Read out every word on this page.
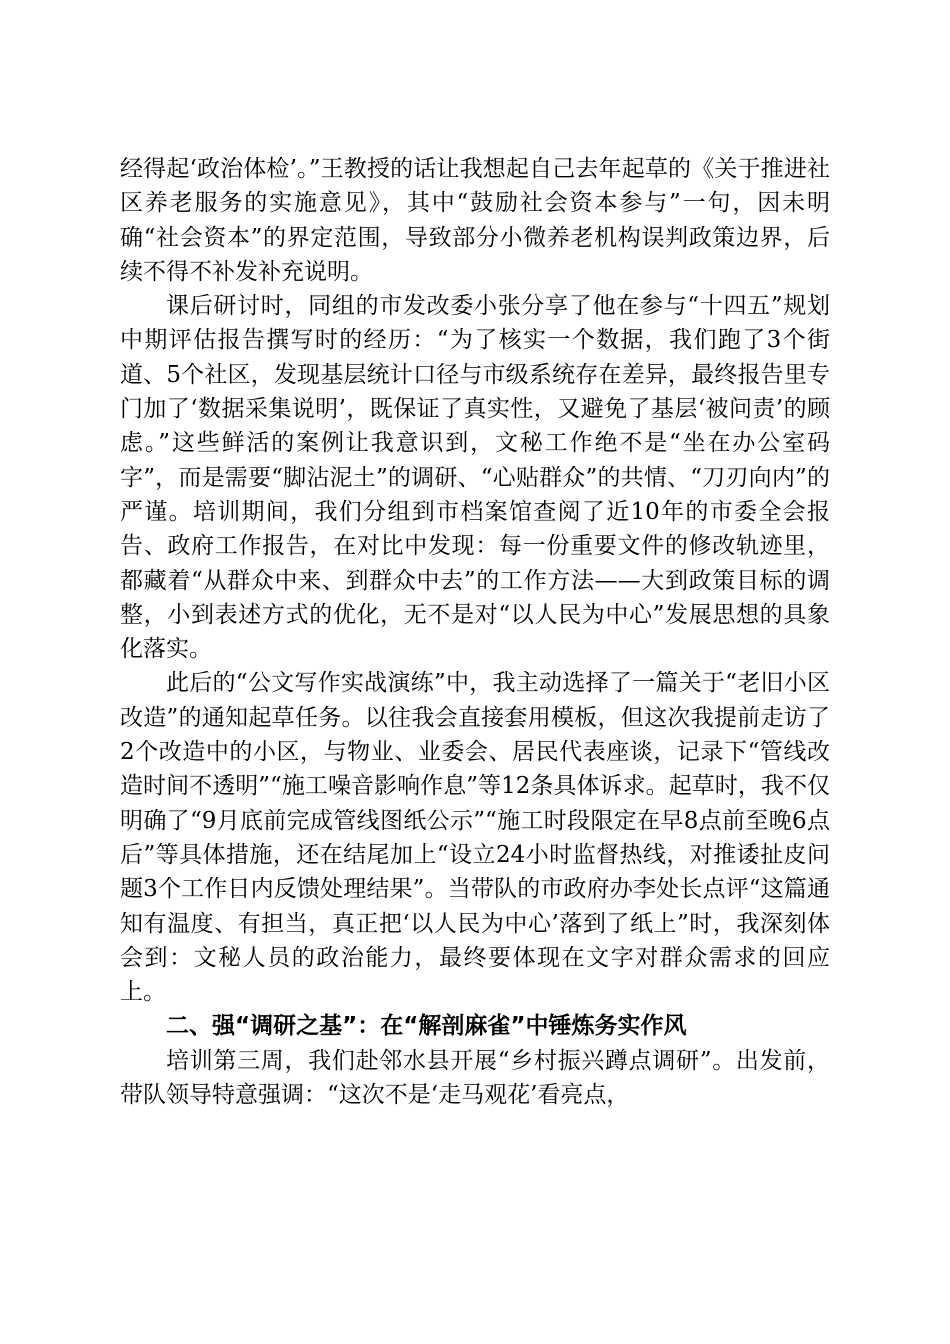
经得起‘政治体检’。”王教授的话让我想起自己去年起草的《关于推进社区养老服务的实施意见》，其中“鼓励社会资本参与”一句，因未明确“社会资本”的界定范围，导致部分小微养老机构误判政策边界，后续不得不补发补充说明。

课后研讨时，同组的市发改委小张分享了他在参与“十四五”规划中期评估报告撰写时的经历：“为了核实一个数据，我们跑了3个街道、5个社区，发现基层统计口径与市级系统存在差异，最终报告里专门加了‘数据采集说明’，既保证了真实性，又避免了基层‘被问责’的顾虑。”这些鲜活的案例让我意识到，文秘工作绝不是“坐在办公室码字”，而是需要“脚沾泥土”的调研、“心贴群众”的共情、“刀刃向内”的严谨。培训期间，我们分组到市档案馆查阅了近10年的市委全会报告、政府工作报告，在对比中发现：每一份重要文件的修改轨迹里，都藏着“从群众中来、到群众中去”的工作方法——大到政策目标的调整，小到表述方式的优化，无不是对“以人民为中心”发展思想的具象化落实。

此后的“公文写作实战演练”中，我主动选择了一篇关于“老旧小区改造”的通知起草任务。以往我会直接套用模板，但这次我提前走访了2个改造中的小区，与物业、业委会、居民代表座谈，记录下“管线改造时间不透明”“施工噪音影响作息”等12条具体诉求。起草时，我不仅明确了“9月底前完成管线图纸公示”“施工时段限定在早8点前至晚6点后”等具体措施，还在结尾加上“设立24小时监督热线，对推诿扯皮问题3个工作日内反馈处理结果”。当带队的市政府办李处长点评“这篇通知有温度、有担当，真正把‘以人民为中心’落到了纸上”时，我深刻体会到：文秘人员的政治能力，最终要体现在文字对群众需求的回应上。

二、强“调研之基”：在“解剖麻雀”中锤炼务实作风

培训第三周，我们赴邻水县开展“乡村振兴蹲点调研”。出发前，带队领导特意强调：“这次不是‘走马观花’看亮点，
